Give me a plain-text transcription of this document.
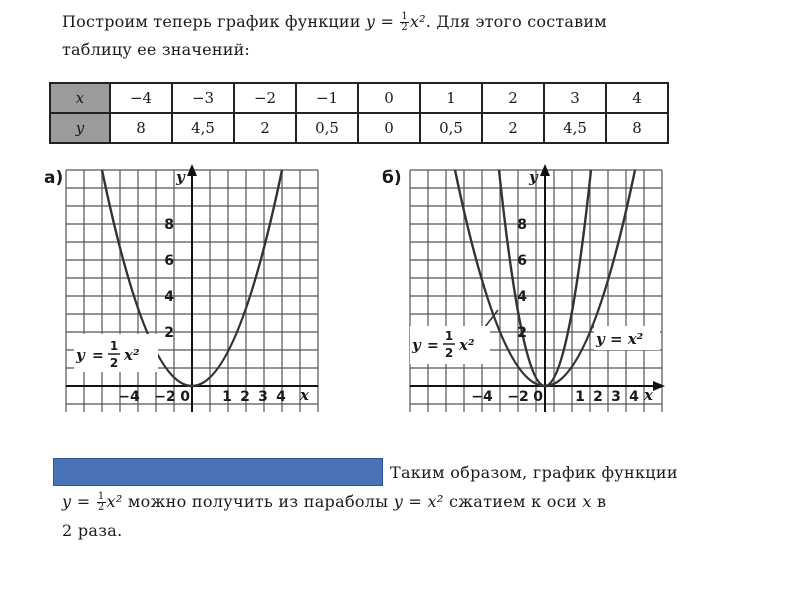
Построим теперь график функции $y = \frac{1}{2} x^2$. Для этого составим
таблицу ее значений:
x	−4	−3	−2	−1	0	1	2	3	4
y	8	4,5	2	0,5	0	0,5	2	4,5	8
а)	y
x
8
6
4
2
0
−4 −2	1 2 3 4
y =
1
2 x²
б)	y
x
8
6
4
2
0
−4 −2	1 2 3 4
y =
1
2 x²	y = x²
Таким образом, график функции
$y = \frac{1}{2} x^2$ можно получить из параболы y = x² сжатием к оси x в
2 раза.
